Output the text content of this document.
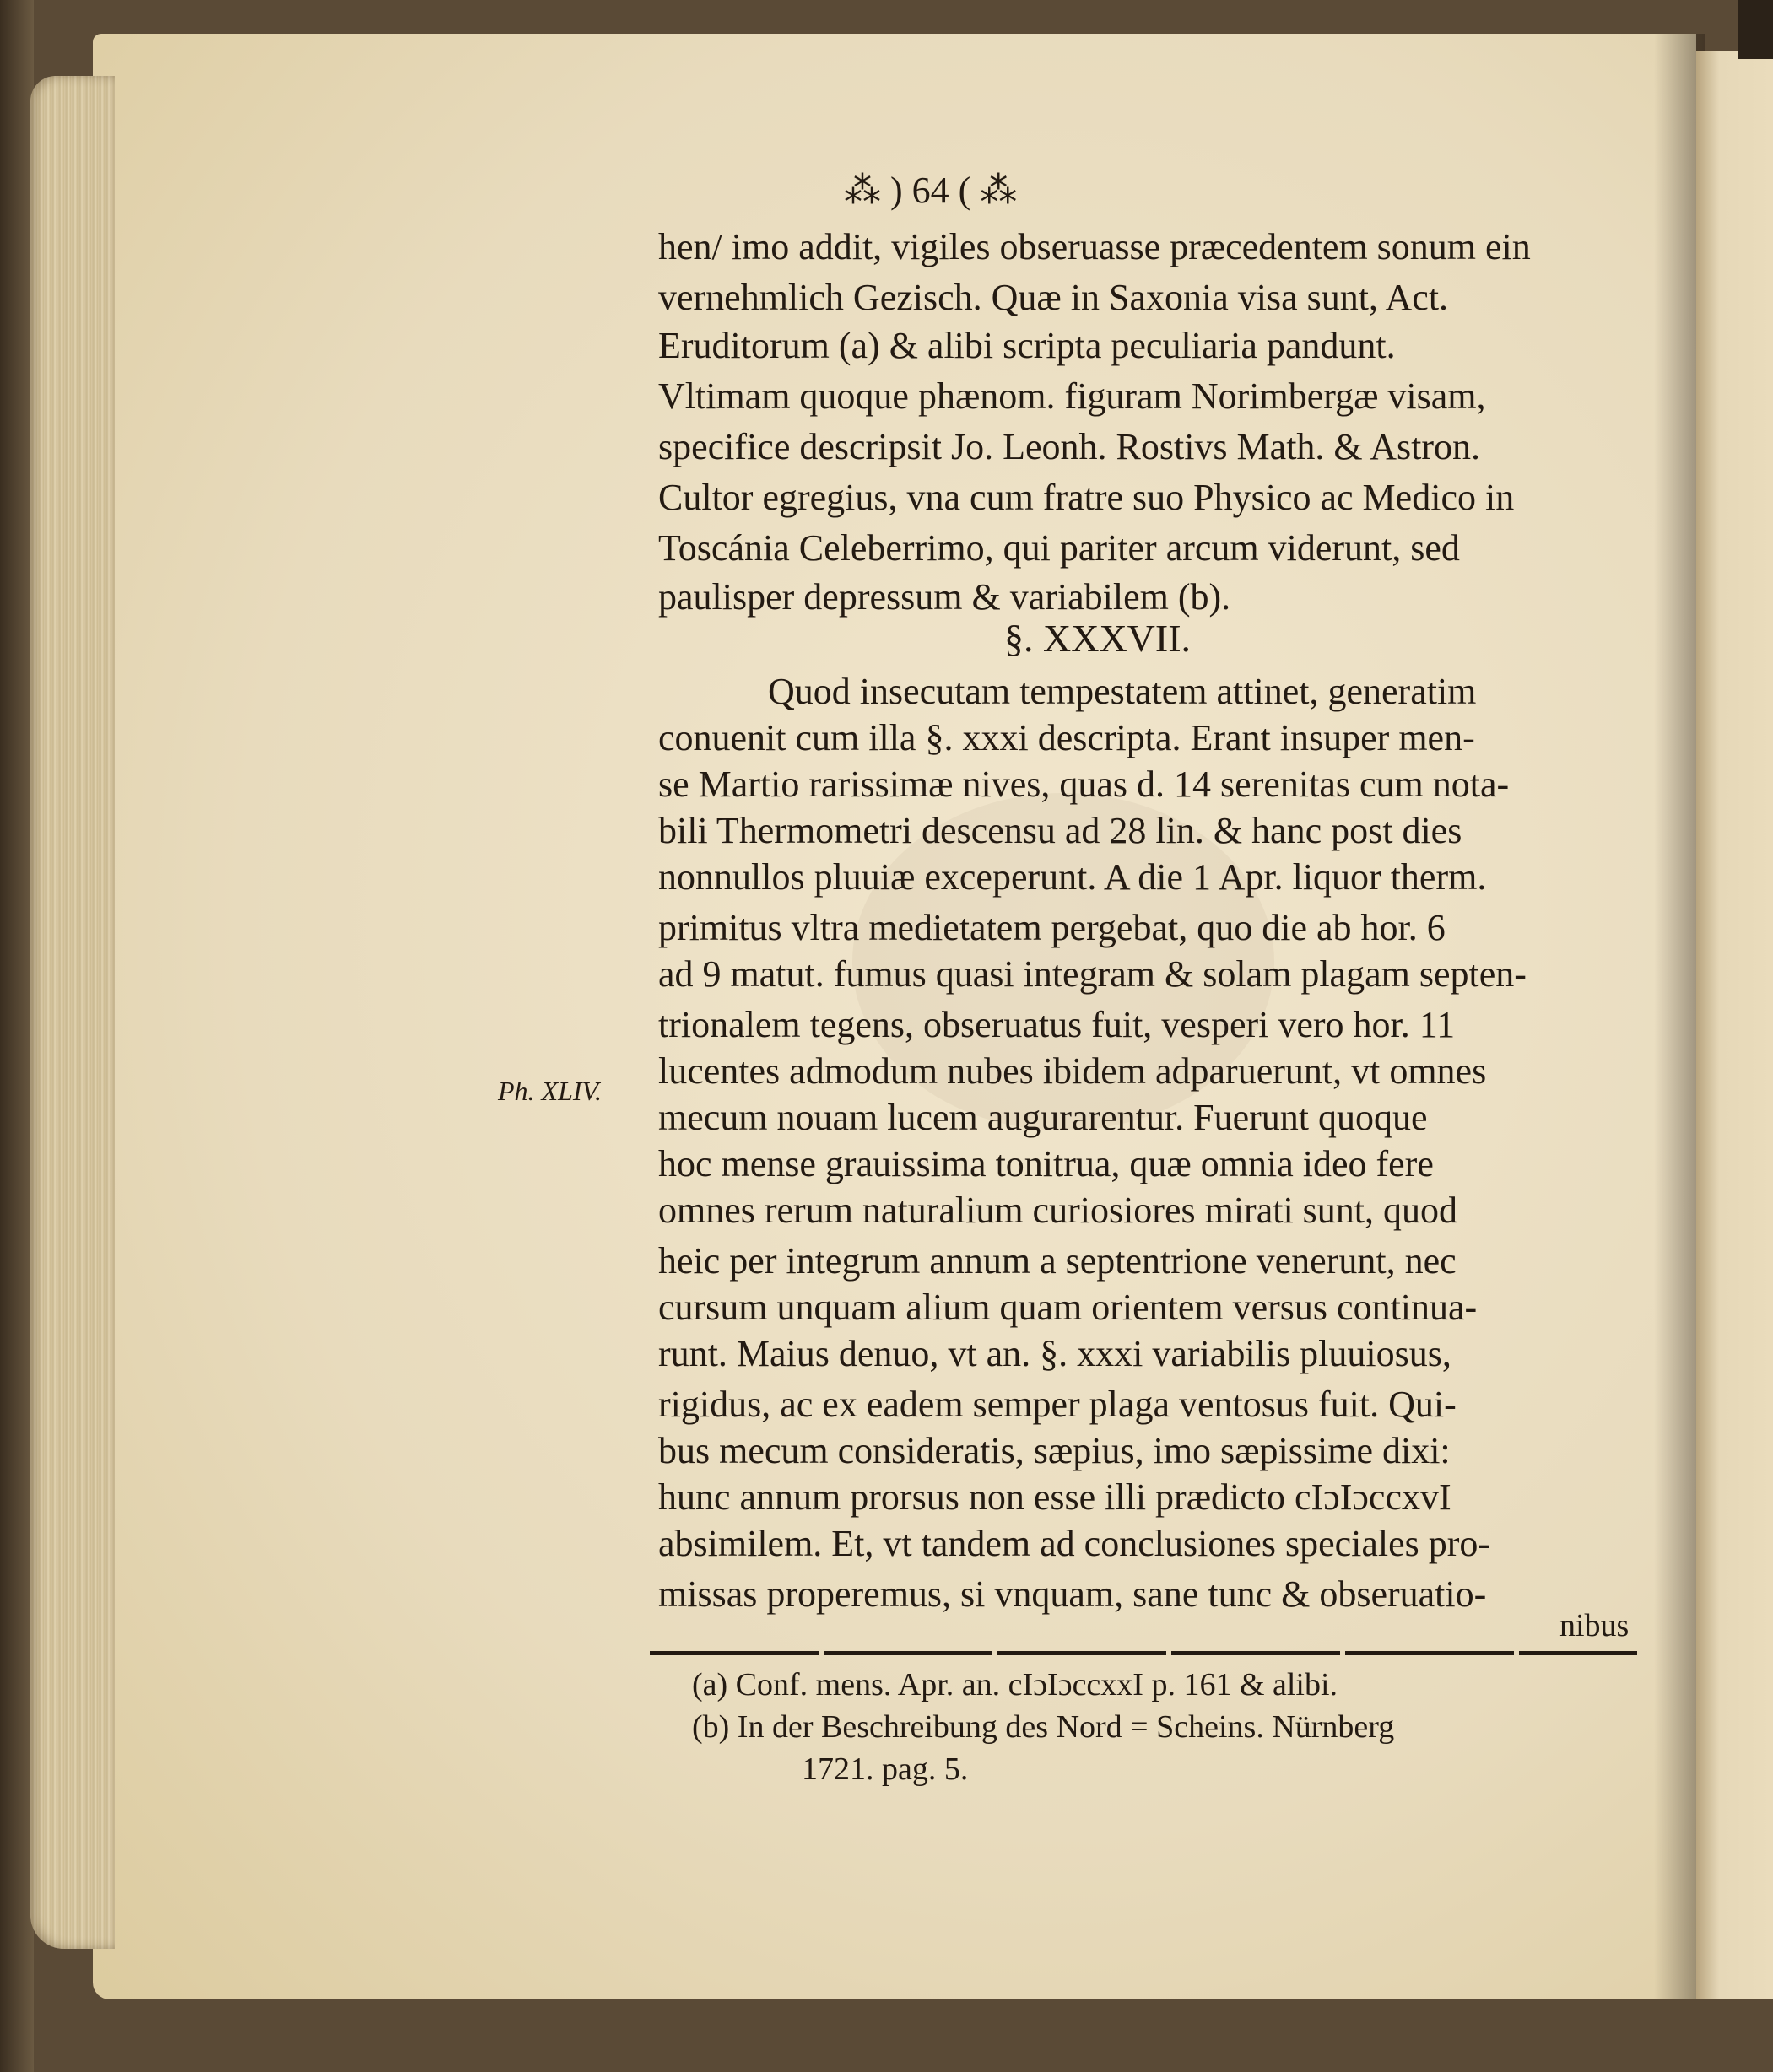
⁂ ) 64 ( ⁂
hen/ imo addit, vigiles obseruasse præcedentem sonum ein
vernehmlich Gezisch. Quæ in Saxonia visa sunt, Act.
Eruditorum (a) & alibi scripta peculiaria pandunt.
Vltimam quoque phænom. figuram Norimbergæ visam,
specifice descripsit Jo. Leonh. Rostivs Math. & Astron.
Cultor egregius, vna cum fratre suo Physico ac Medico in
Toscánia Celeberrimo, qui pariter arcum viderunt, sed
paulisper depressum & variabilem (b).
Quod insecutam tempestatem attinet, generatim
conuenit cum illa §. xxxi descripta. Erant insuper men-
se Martio rarissimæ nives, quas d. 14 serenitas cum nota-
bili Thermometri descensu ad 28 lin. & hanc post dies
nonnullos pluuiæ exceperunt. A die 1 Apr. liquor therm.
primitus vltra medietatem pergebat, quo die ab hor. 6
ad 9 matut. fumus quasi integram & solam plagam septen-
trionalem tegens, obseruatus fuit, vesperi vero hor. 11
lucentes admodum nubes ibidem adparuerunt, vt omnes
mecum nouam lucem augurarentur. Fuerunt quoque
hoc mense grauissima tonitrua, quæ omnia ideo fere
omnes rerum naturalium curiosiores mirati sunt, quod
heic per integrum annum a septentrione venerunt, nec
cursum unquam alium quam orientem versus continua-
runt. Maius denuo, vt an. §. xxxi variabilis pluuiosus,
rigidus, ac ex eadem semper plaga ventosus fuit. Qui-
bus mecum consideratis, sæpius, imo sæpissime dixi:
hunc annum prorsus non esse illi prædicto cIɔIɔccxvI
absimilem. Et, vt tandem ad conclusiones speciales pro-
missas properemus, si vnquam, sane tunc & obseruatio-
§. XXXVII.
Ph. XLIV.
nibus
(a) Conf. mens. Apr. an. cIɔIɔccxxI p. 161 & alibi.
(b) In der Beschreibung des Nord = Scheins. Nürnberg
1721. pag. 5.
